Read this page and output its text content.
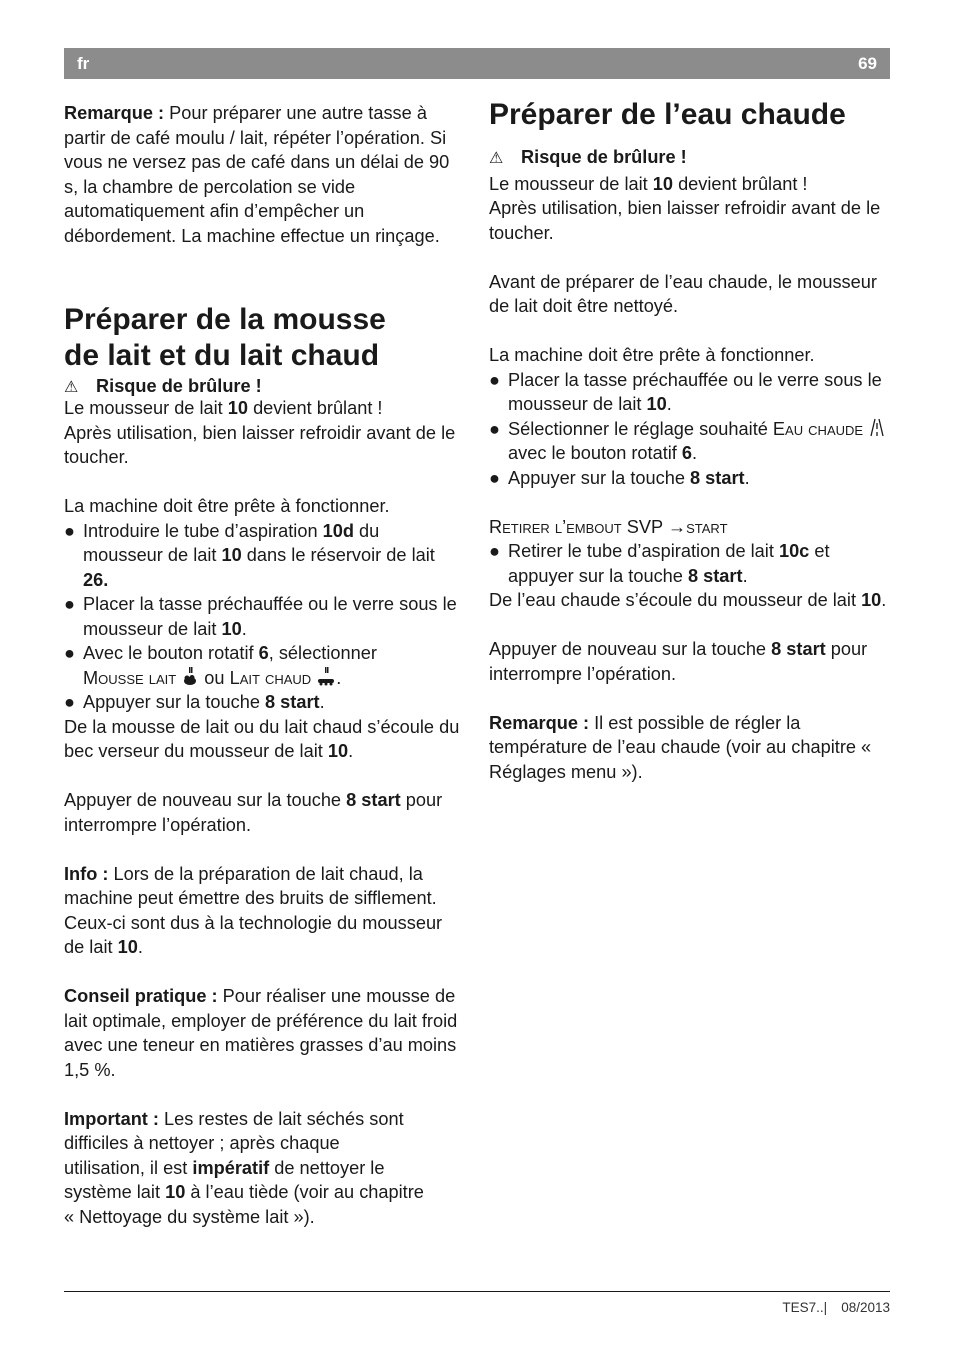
fr	69

Remarque : Pour préparer une autre tasse à partir de café moulu / lait, répéter l’opération. Si vous ne versez pas de café dans un délai de 90 s, la chambre de percolation se vide automatiquement afin d’empêcher un débordement. La machine effectue un rinçage.

Préparer de la mousse
de lait et du lait chaud
⚠ Risque de brûlure !

Le mousseur de lait 10 devient brûlant !

Après utilisation, bien laisser refroidir avant de le toucher.

La machine doit être prête à fonctionner.

● Introduire le tube d’aspiration 10d du mousseur de lait 10 dans le réservoir de lait 26.
● Placer la tasse préchauffée ou le verre sous le mousseur de lait 10.
● Avec le bouton rotatif 6, sélectionner
Mousse lait  ou Lait chaud .
● Appuyer sur la touche 8 start.

De la mousse de lait ou du lait chaud s’écoule du bec verseur du mousseur de lait 10.

Appuyer de nouveau sur la touche 8 start pour interrompre l’opération.

Info : Lors de la préparation de lait chaud, la machine peut émettre des bruits de sifflement. Ceux-ci sont dus à la technologie du mousseur de lait 10.

Conseil pratique : Pour réaliser une mousse de lait optimale, employer de préférence du lait froid avec une teneur en matières grasses d’au moins 1,5 %.

Important : Les restes de lait séchés sont difficiles à nettoyer ; après chaque utilisation, il est impératif de nettoyer le système lait 10 à l’eau tiède (voir au chapitre « Nettoyage du système lait »).

Préparer de l’eau chaude
⚠ Risque de brûlure !

Le mousseur de lait 10 devient brûlant !

Après utilisation, bien laisser refroidir avant de le toucher.

Avant de préparer de l’eau chaude, le mousseur de lait doit être nettoyé.

La machine doit être prête à fonctionner.

● Placer la tasse préchauffée ou le verre sous le mousseur de lait 10.
● Sélectionner le réglage souhaité Eau chaude  avec le bouton rotatif 6.
● Appuyer sur la touche 8 start.

Retirer l’embout SVP →start

● Retirer le tube d’aspiration de lait 10c et appuyer sur la touche 8 start.

De l’eau chaude s’écoule du mousseur de lait 10.

Appuyer de nouveau sur la touche 8 start pour interrompre l’opération.

Remarque : Il est possible de régler la température de l’eau chaude (voir au chapitre « Réglages menu »).

TES7..| 08/2013
